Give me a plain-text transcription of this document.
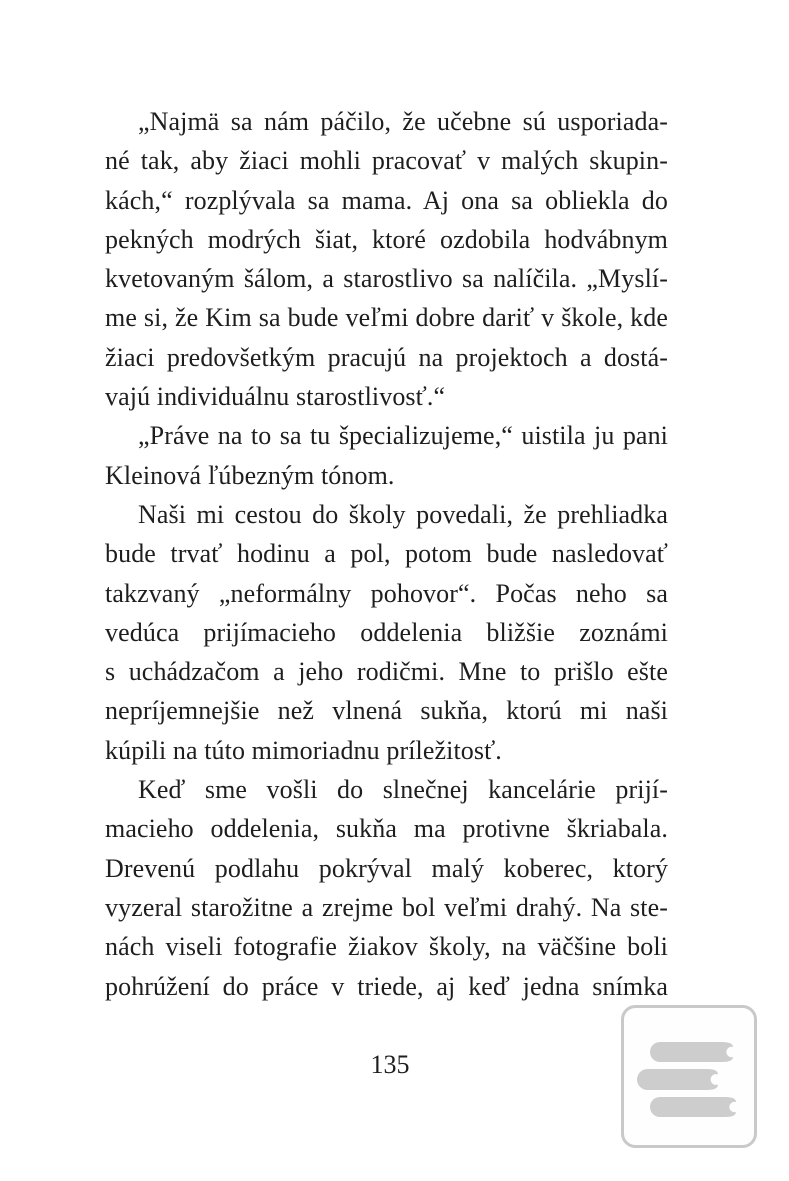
„Najmä sa nám páčilo, že učebne sú usporiada-
né tak, aby žiaci mohli pracovať v malých skupin-
kách,“ rozplývala sa mama. Aj ona sa obliekla do
pekných modrých šiat, ktoré ozdobila hodvábnym
kvetovaným šálom, a starostlivo sa nalíčila. „Myslí-
me si, že Kim sa bude veľmi dobre dariť v škole, kde
žiaci predovšetkým pracujú na projektoch a dostá-
vajú individuálnu starostlivosť.“
„Práve na to sa tu špecializujeme,“ uistila ju pani
Kleinová ľúbezným tónom.
Naši mi cestou do školy povedali, že prehliadka
bude trvať hodinu a pol, potom bude nasledovať
takzvaný „neformálny pohovor“. Počas neho sa
vedúca prijímacieho oddelenia bližšie zoznámi
s uchádzačom a jeho rodičmi. Mne to prišlo ešte
nepríjemnejšie než vlnená sukňa, ktorú mi naši
kúpili na túto mimoriadnu príležitosť.
Keď sme vošli do slnečnej kancelárie prijí-
macieho oddelenia, sukňa ma protivne škriabala.
Drevenú podlahu pokrýval malý koberec, ktorý
vyzeral starožitne a zrejme bol veľmi drahý. Na ste-
nách viseli fotografie žiakov školy, na väčšine boli
pohrúžení do práce v triede, aj keď jedna snímka
135
